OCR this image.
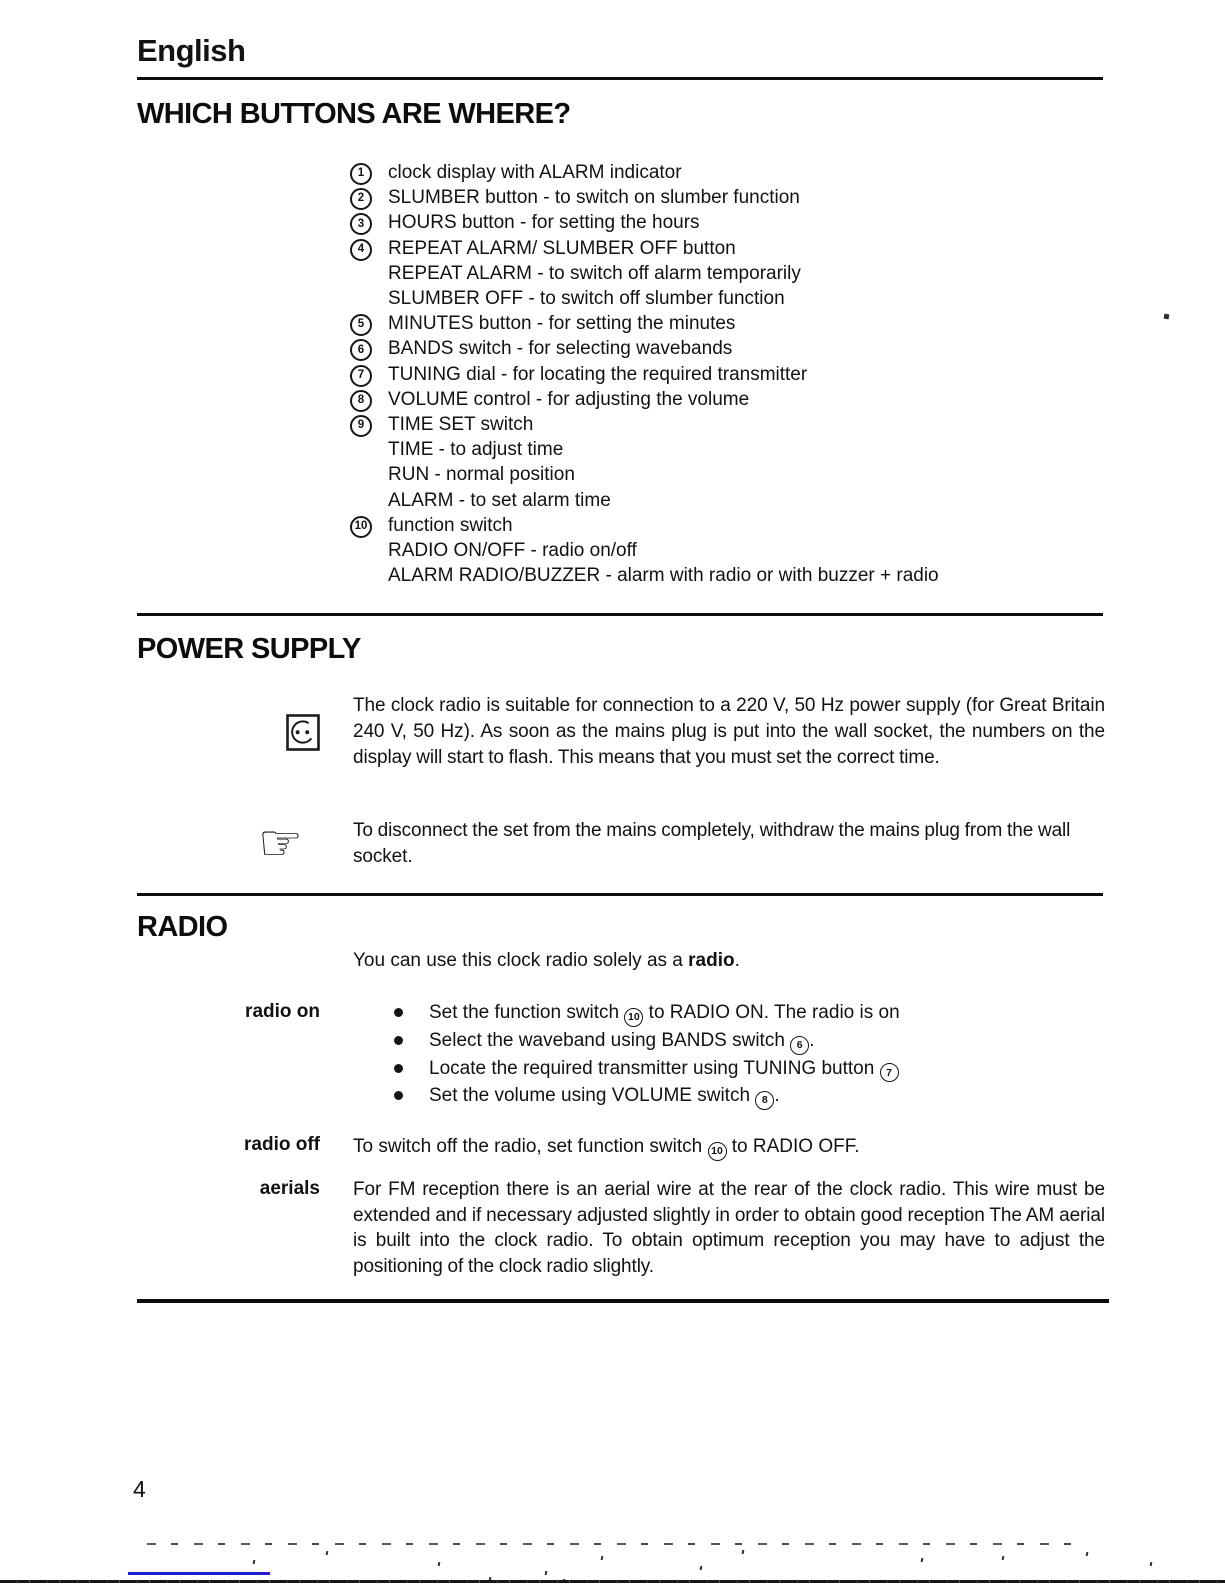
English
WHICH BUTTONS ARE WHERE?
1	clock display with ALARM indicator
2	SLUMBER button - to switch on slumber function
3	HOURS button - for setting the hours
4	REPEAT ALARM/ SLUMBER OFF button
REPEAT ALARM - to switch off alarm temporarily
SLUMBER OFF - to switch off slumber function
5	MINUTES button - for setting the minutes
6	BANDS switch - for selecting wavebands
7	TUNING dial - for locating the required transmitter
8	VOLUME control - for adjusting the volume
9	TIME SET switch
TIME - to adjust time
RUN - normal position
ALARM - to set alarm time
10 function switch
RADIO ON/OFF - radio on/off
ALARM RADIO/BUZZER - alarm with radio or with buzzer + radio
POWER SUPPLY
The clock radio is suitable for connection to a 220 V, 50 Hz power supply (for Great Britain 240 V, 50 Hz). As soon as the mains plug is put into the wall socket, the numbers on the display will start to flash. This means that you must set the correct time.
☞	To disconnect the set from the mains completely, withdraw the mains plug from the wall socket.
RADIO
You can use this clock radio solely as a radio.
radio on	Set the function switch 10 to RADIO ON. The radio is on
Select the waveband using BANDS switch 6 .
Locate the required transmitter using TUNING button 7
Set the volume using VOLUME switch 8 .
radio off To switch off the radio, set function switch 10 to RADIO OFF.
aerials For FM reception there is an aerial wire at the rear of the clock radio. This wire must be extended and if necessary adjusted slightly in order to obtain good reception The AM aerial is built into the clock radio. To obtain optimum reception you may have to adjust the positioning of the clock radio slightly.
4
